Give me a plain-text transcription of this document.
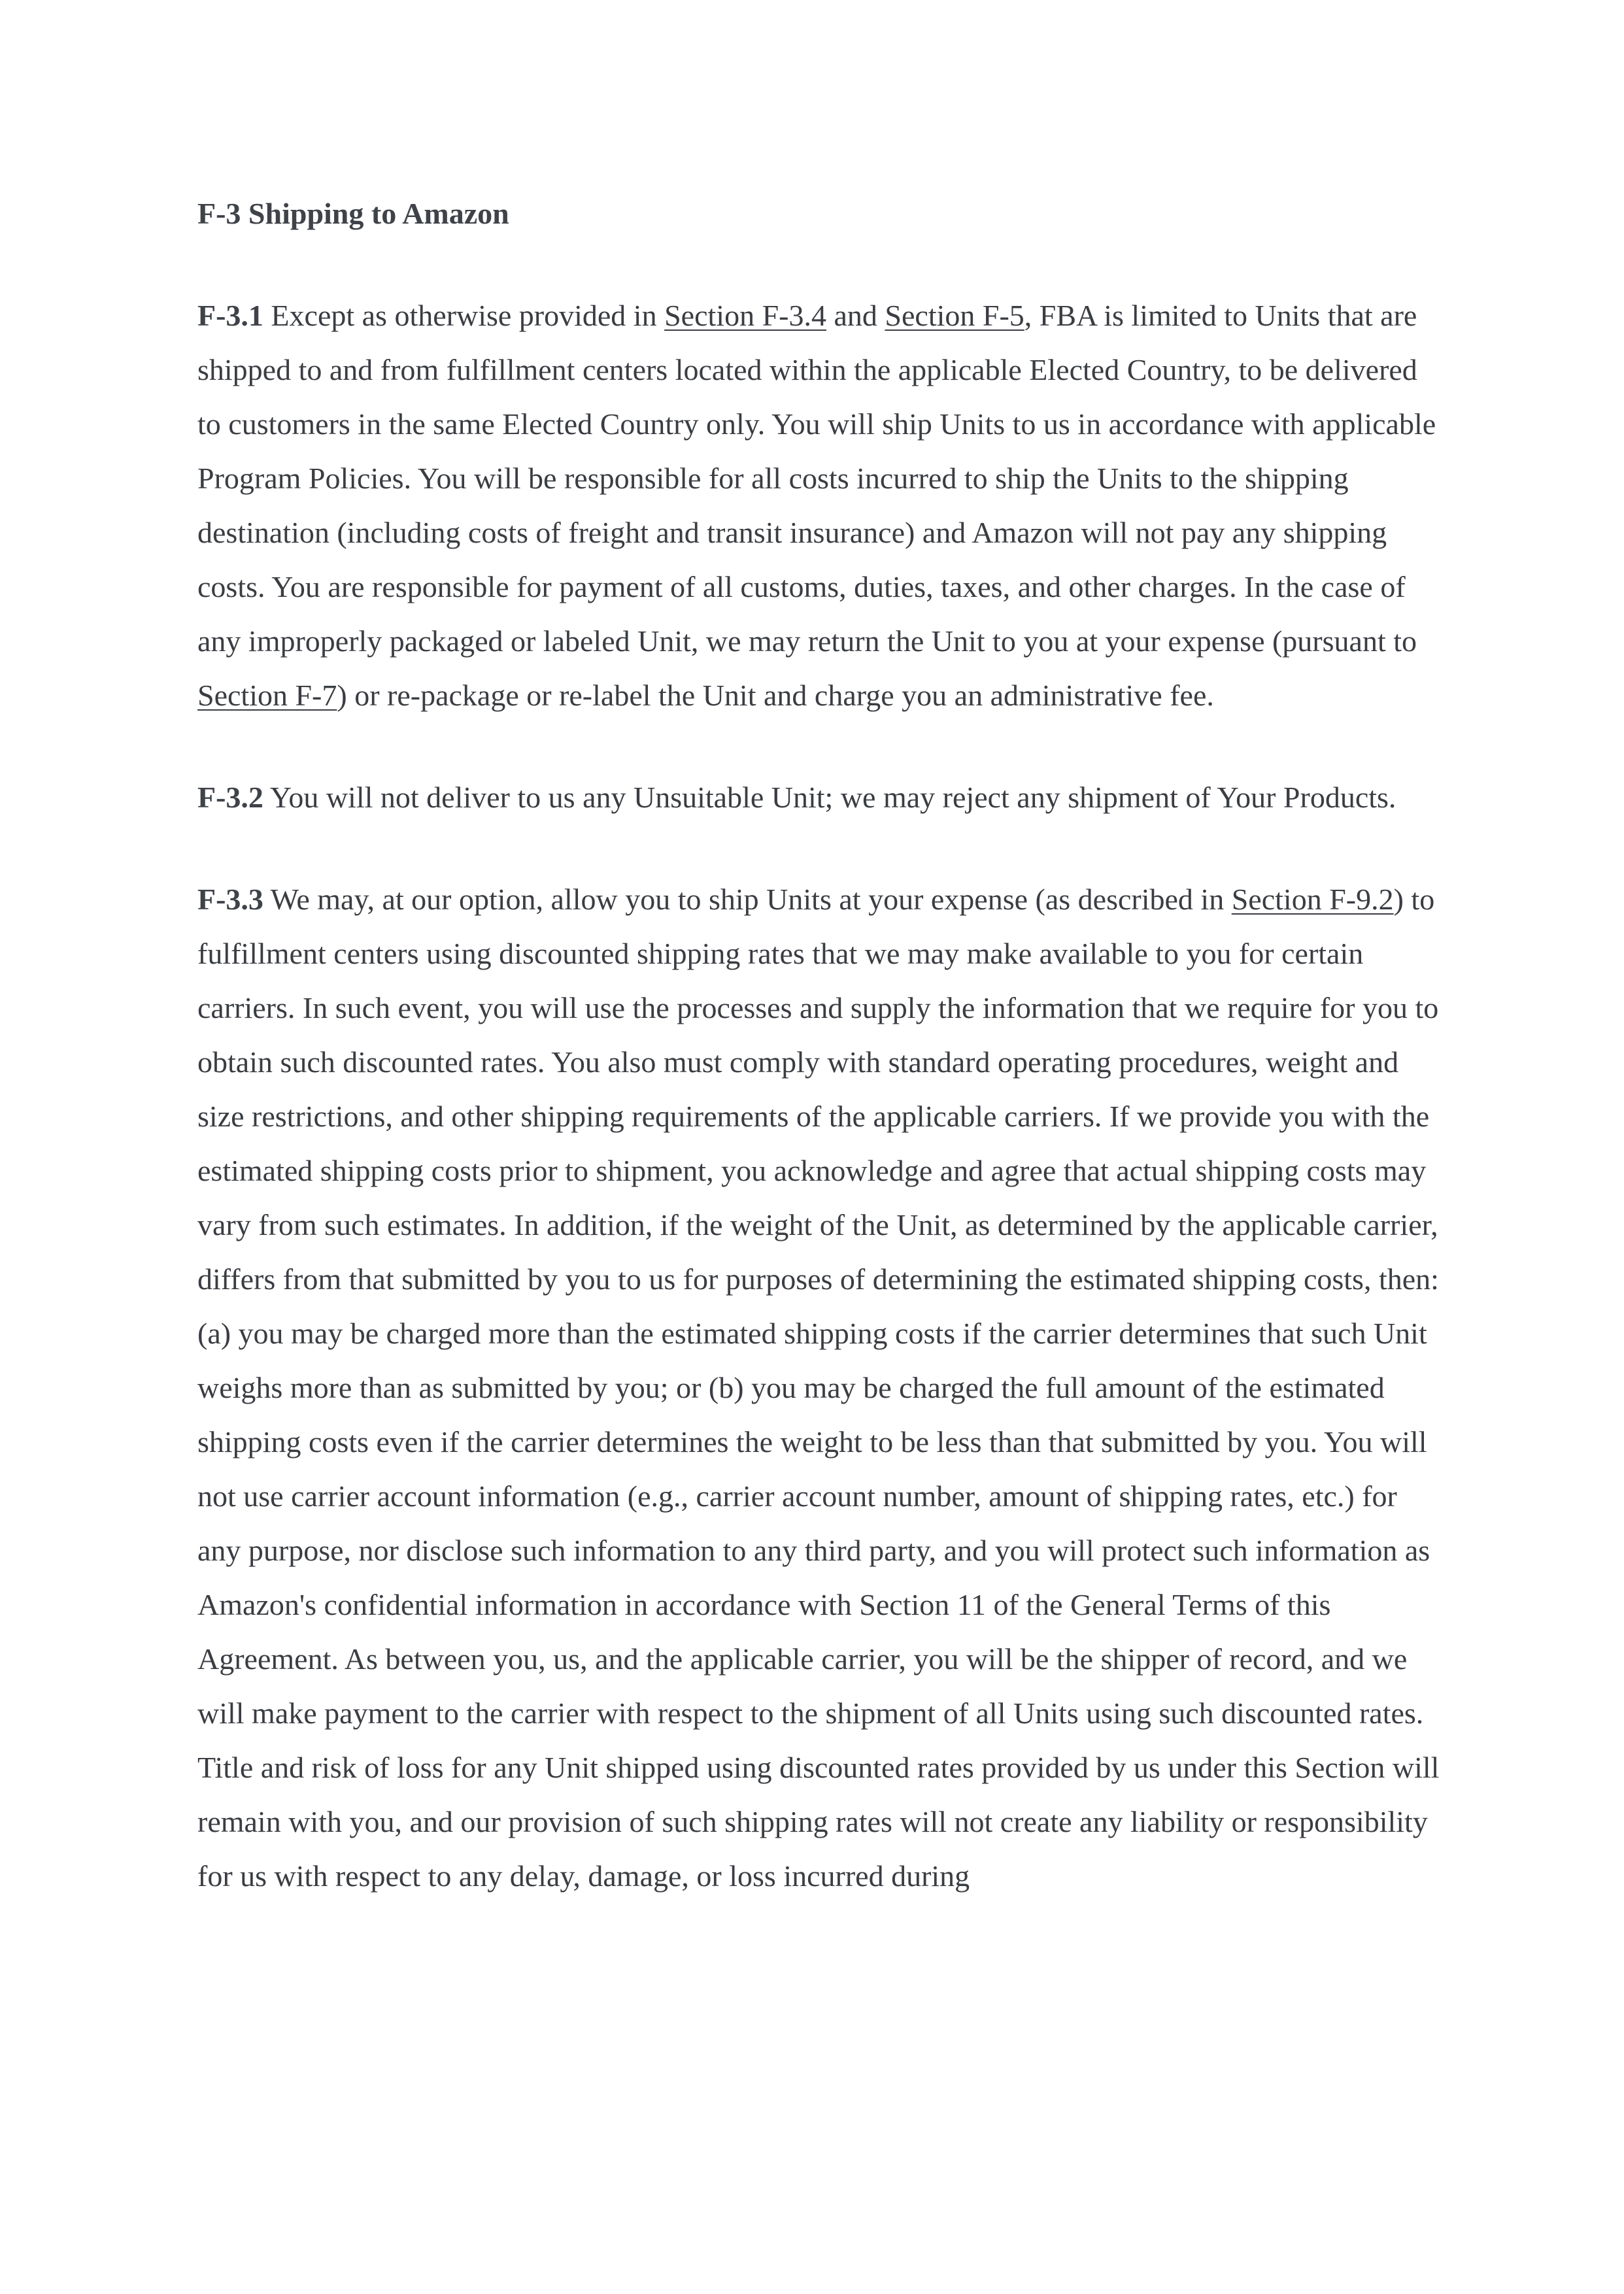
F-3 Shipping to Amazon

F-3.1 Except as otherwise provided in Section F-3.4 and Section F-5, FBA is limited to Units that are shipped to and from fulfillment centers located within the applicable Elected Country, to be delivered to customers in the same Elected Country only. You will ship Units to us in accordance with applicable Program Policies. You will be responsible for all costs incurred to ship the Units to the shipping destination (including costs of freight and transit insurance) and Amazon will not pay any shipping costs. You are responsible for payment of all customs, duties, taxes, and other charges. In the case of any improperly packaged or labeled Unit, we may return the Unit to you at your expense (pursuant to Section F-7) or re-package or re-label the Unit and charge you an administrative fee.

F-3.2 You will not deliver to us any Unsuitable Unit; we may reject any shipment of Your Products.

F-3.3 We may, at our option, allow you to ship Units at your expense (as described in Section F-9.2) to fulfillment centers using discounted shipping rates that we may make available to you for certain carriers. In such event, you will use the processes and supply the information that we require for you to obtain such discounted rates. You also must comply with standard operating procedures, weight and size restrictions, and other shipping requirements of the applicable carriers. If we provide you with the estimated shipping costs prior to shipment, you acknowledge and agree that actual shipping costs may vary from such estimates. In addition, if the weight of the Unit, as determined by the applicable carrier, differs from that submitted by you to us for purposes of determining the estimated shipping costs, then: (a) you may be charged more than the estimated shipping costs if the carrier determines that such Unit weighs more than as submitted by you; or (b) you may be charged the full amount of the estimated shipping costs even if the carrier determines the weight to be less than that submitted by you. You will not use carrier account information (e.g., carrier account number, amount of shipping rates, etc.) for any purpose, nor disclose such information to any third party, and you will protect such information as Amazon's confidential information in accordance with Section 11 of the General Terms of this Agreement. As between you, us, and the applicable carrier, you will be the shipper of record, and we will make payment to the carrier with respect to the shipment of all Units using such discounted rates. Title and risk of loss for any Unit shipped using discounted rates provided by us under this Section will remain with you, and our provision of such shipping rates will not create any liability or responsibility for us with respect to any delay, damage, or loss incurred during
